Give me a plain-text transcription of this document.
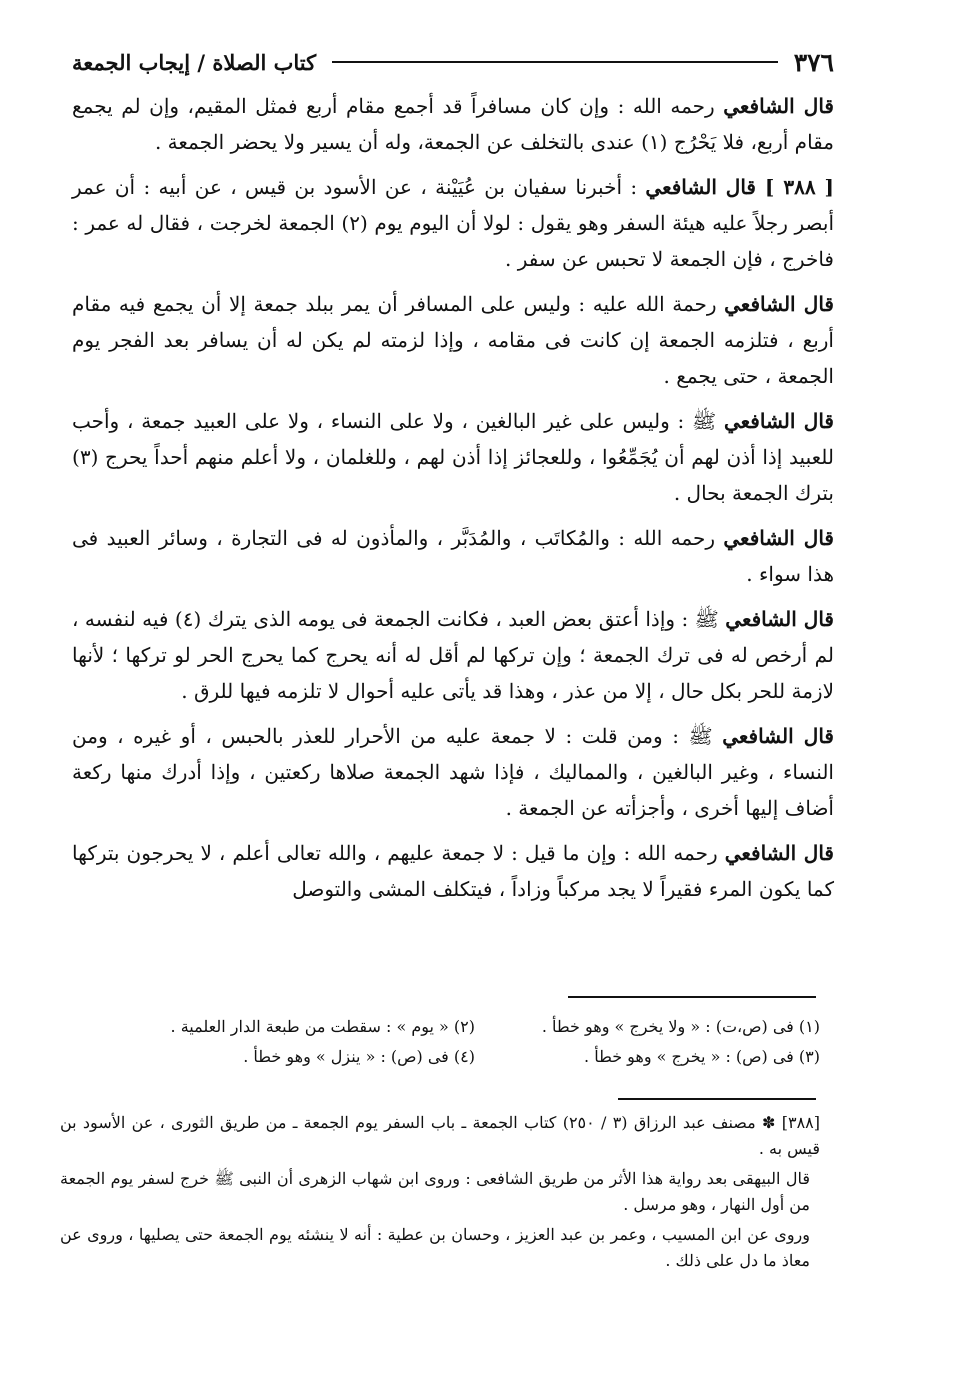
٣٧٦
كتاب الصلاة / إيجاب الجمعة

قال الشافعي رحمه الله : وإن كان مسافراً قد أجمع مقام أربع فمثل المقيم، وإن لم يجمع مقام أربع، فلا يَحْرُج (١) عندى بالتخلف عن الجمعة، وله أن يسير ولا يحضر الجمعة .

[ ٣٨٨ ] قال الشافعي : أخبرنا سفيان بن عُيَيْنة ، عن الأسود بن قيس ، عن أبيه : أن عمر أبصر رجلاً عليه هيئة السفر وهو يقول : لولا أن اليوم يوم (٢) الجمعة لخرجت ، فقال له عمر : فاخرج ، فإن الجمعة لا تحبس عن سفر .

قال الشافعي رحمة الله عليه : وليس على المسافر أن يمر ببلد جمعة إلا أن يجمع فيه مقام أربع ، فتلزمه الجمعة إن كانت فى مقامه ، وإذا لزمته لم يكن له أن يسافر بعد الفجر يوم الجمعة ، حتى يجمع .

قال الشافعي ﷺ : وليس على غير البالغين ، ولا على النساء ، ولا على العبيد جمعة ، وأحب للعبيد إذا أذن لهم أن يُجَمِّعُوا ، وللعجائز إذا أذن لهم ، وللغلمان ، ولا أعلم منهم أحداً يحرج (٣) بترك الجمعة بحال .

قال الشافعي رحمه الله : والمُكاتَب ، والمُدَبَّر ، والمأذون له فى التجارة ، وسائر العبيد فى هذا سواء .

قال الشافعي ﷺ : وإذا أعتق بعض العبد ، فكانت الجمعة فى يومه الذى يترك (٤) فيه لنفسه ، لم أرخص له فى ترك الجمعة ؛ وإن تركها لم أقل له أنه يحرج كما يحرج الحر لو تركها ؛ لأنها لازمة للحر بكل حال ، إلا من عذر ، وهذا قد يأتى عليه أحوال لا تلزمه فيها للرق .

قال الشافعي ﷺ : ومن قلت : لا جمعة عليه من الأحرار للعذر بالحبس ، أو غيره ، ومن النساء ، وغير البالغين ، والمماليك ، فإذا شهد الجمعة صلاها ركعتين ، وإذا أدرك منها ركعة أضاف إليها أخرى ، وأجزأته عن الجمعة .

قال الشافعي رحمه الله : وإن ما قيل : لا جمعة عليهم ، والله تعالى أعلم ، لا يحرجون بتركها كما يكون المرء فقيراً لا يجد مركباً وزاداً ، فيتكلف المشى والتوصل

(١) فى (ص،ت) : « ولا يخرج » وهو خطأ .
(٢) « يوم » : سقطت من طبعة الدار العلمية .
(٣) فى (ص) : « يخرج » وهو خطأ .
(٤) فى (ص) : « ينزل » وهو خطأ .

[٣٨٨] ✽ مصنف عبد الرزاق (٣ / ٢٥٠) كتاب الجمعة ـ باب السفر يوم الجمعة ـ من طريق الثورى ، عن الأسود بن قيس به .

قال البيهقى بعد رواية هذا الأثر من طريق الشافعى : وروى ابن شهاب الزهرى أن النبى ﷺ خرج لسفر يوم الجمعة من أول النهار ، وهو مرسل .

وروى عن ابن المسيب ، وعمر بن عبد العزيز ، وحسان بن عطية : أنه لا ينشئه يوم الجمعة حتى يصليها ، وروى عن معاذ ما دل على ذلك .
